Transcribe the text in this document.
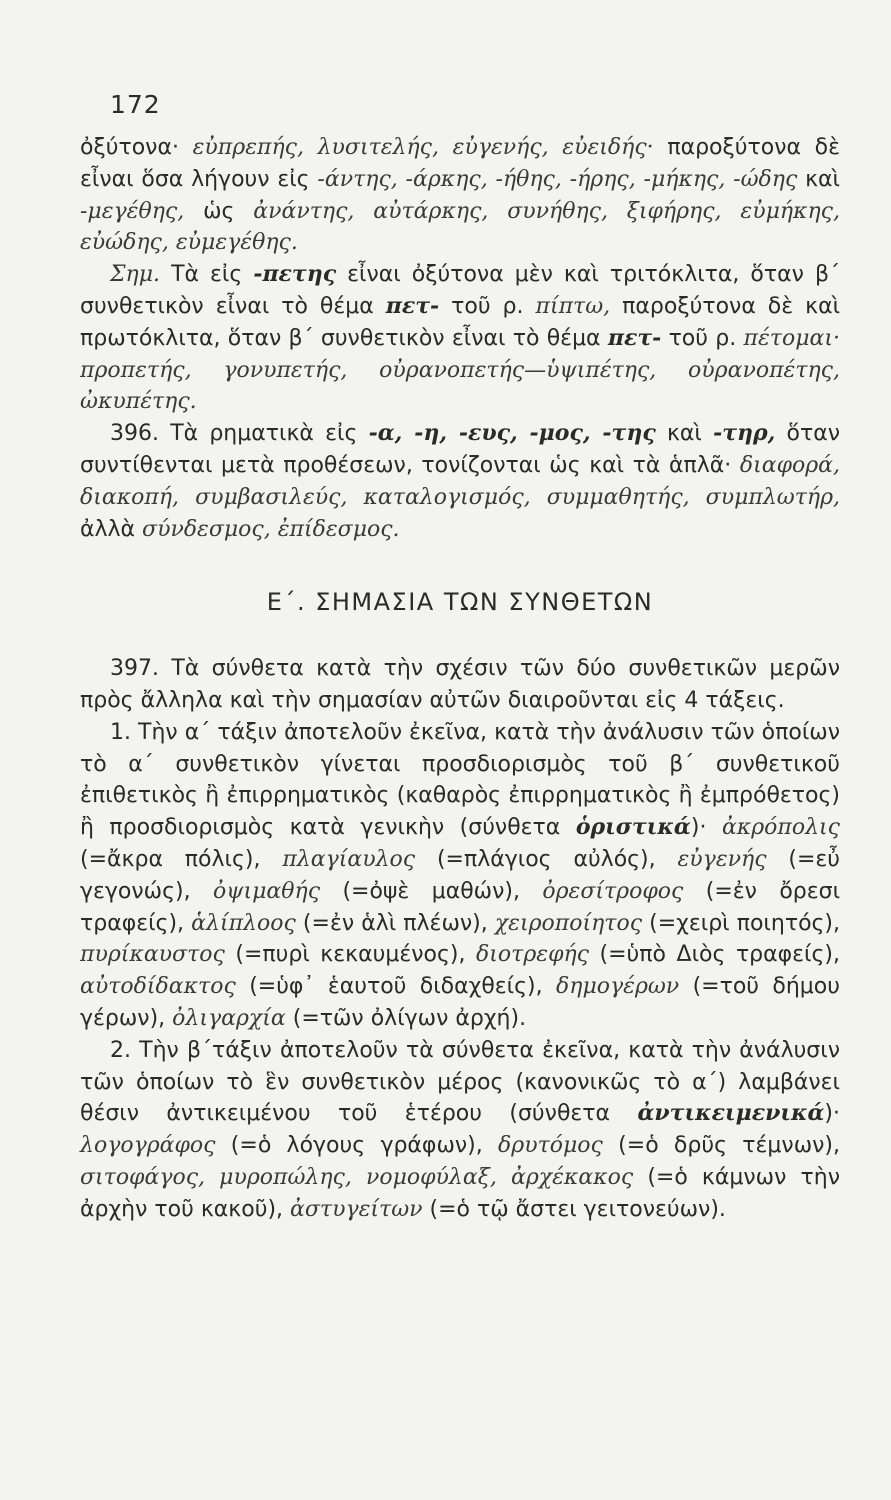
172

ὀξύτονα· εὐπρεπής, λυσιτελής, εὐγενής, εὐειδής· παροξύτονα δὲ εἶναι ὅσα λήγουν εἰς -άντης, -άρκης, -ήθης, -ήρης, -μήκης, -ώδης καὶ -μεγέθης, ὡς ἀνάντης, αὐτάρκης, συνήθης, ξιφήρης, εὐμήκης, εὐώδης, εὐμεγέθης.

Σημ. Τὰ εἰς -πετης εἶναι ὀξύτονα μὲν καὶ τριτόκλιτα, ὅταν β΄ συνθετικὸν εἶναι τὸ θέμα πετ- τοῦ ρ. πίπτω, παροξύτονα δὲ καὶ πρωτόκλιτα, ὅταν β΄ συνθετικὸν εἶναι τὸ θέμα πετ- τοῦ ρ. πέτομαι· προπετής, γονυπετής, οὐρανοπετής—ὑψιπέτης, οὐρανοπέτης, ὠκυπέτης.

396. Τὰ ρηματικὰ εἰς -α, -η, -ευς, -μος, -της καὶ -τηρ, ὅταν συντίθενται μετὰ προθέσεων, τονίζονται ὡς καὶ τὰ ἁπλᾶ· διαφορά, διακοπή, συμβασιλεύς, καταλογισμός, συμμαθητής, συμπλωτήρ, ἀλλὰ σύνδεσμος, ἐπίδεσμος.

Ε΄. ΣΗΜΑΣΙΑ ΤΩΝ ΣΥΝΘΕΤΩΝ

397. Τὰ σύνθετα κατὰ τὴν σχέσιν τῶν δύο συνθετικῶν μερῶν πρὸς ἄλληλα καὶ τὴν σημασίαν αὐτῶν διαιροῦνται εἰς 4 τάξεις.

1. Τὴν α΄ τάξιν ἀποτελοῦν ἐκεῖνα, κατὰ τὴν ἀνάλυσιν τῶν ὁποίων τὸ α΄ συνθετικὸν γίνεται προσδιορισμὸς τοῦ β΄ συνθετικοῦ ἐπιθετικὸς ἢ ἐπιρρηματικὸς (καθαρὸς ἐπιρρηματικὸς ἢ ἐμπρόθετος) ἢ προσδιορισμὸς κατὰ γενικὴν (σύνθετα ὁριστικά)· ἀκρόπολις (=ἄκρα πόλις), πλαγίαυλος (=πλάγιος αὐλός), εὐγενής (=εὖ γεγονώς), ὀψιμαθής (=ὀψὲ μαθών), ὀρεσίτροφος (=ἐν ὄρεσι τραφείς), ἁλίπλοος (=ἐν ἁλὶ πλέων), χειροποίητος (=χειρὶ ποιητός), πυρίκαυστος (=πυρὶ κεκαυμένος), διοτρεφής (=ὑπὸ Διὸς τραφείς), αὐτοδίδακτος (=ὑφ᾽ ἑαυτοῦ διδαχθείς), δημογέρων (=τοῦ δήμου γέρων), ὀλιγαρχία (=τῶν ὀλίγων ἀρχή).

2. Τὴν β΄τάξιν ἀποτελοῦν τὰ σύνθετα ἐκεῖνα, κατὰ τὴν ἀνάλυσιν τῶν ὁποίων τὸ ἓν συνθετικὸν μέρος (κανονικῶς τὸ α΄) λαμβάνει θέσιν ἀντικειμένου τοῦ ἑτέρου (σύνθετα ἀντικειμενικά)· λογογράφος (=ὁ λόγους γράφων), δρυτόμος (=ὁ δρῦς τέμνων), σιτοφάγος, μυροπώλης, νομοφύλαξ, ἀρχέκακος (=ὁ κάμνων τὴν ἀρχὴν τοῦ κακοῦ), ἀστυγείτων (=ὁ τῷ ἄστει γειτονεύων).
